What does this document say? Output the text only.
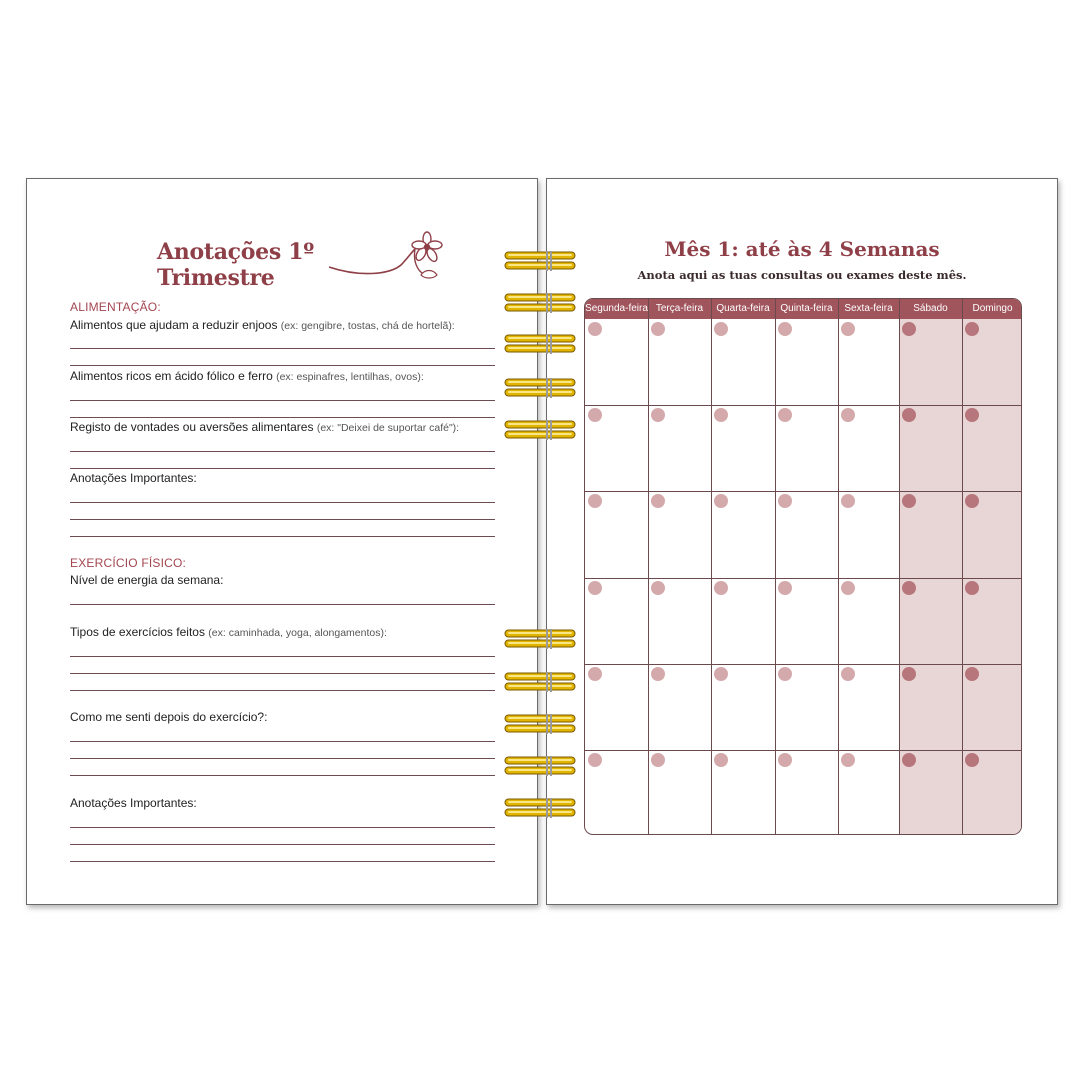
Anotações 1º Trimestre
ALIMENTAÇÃO:
Alimentos que ajudam a reduzir enjoos (ex: gengibre, tostas, chá de hortelã):
Alimentos ricos em ácido fólico e ferro (ex: espinafres, lentilhas, ovos):
Registo de vontades ou aversões alimentares (ex: "Deixei de suportar café"):
Anotações Importantes:
EXERCÍCIO FÍSICO:
Nível de energia da semana:
Tipos de exercícios feitos (ex: caminhada, yoga, alongamentos):
Como me senti depois do exercício?:
Anotações Importantes:
Mês 1: até às 4 Semanas
Anota aqui as tuas consultas ou exames deste mês.
Segunda-feira Terça-feira	Quarta-feira	Quinta-feira	Sexta-feira	Sábado	Domingo
